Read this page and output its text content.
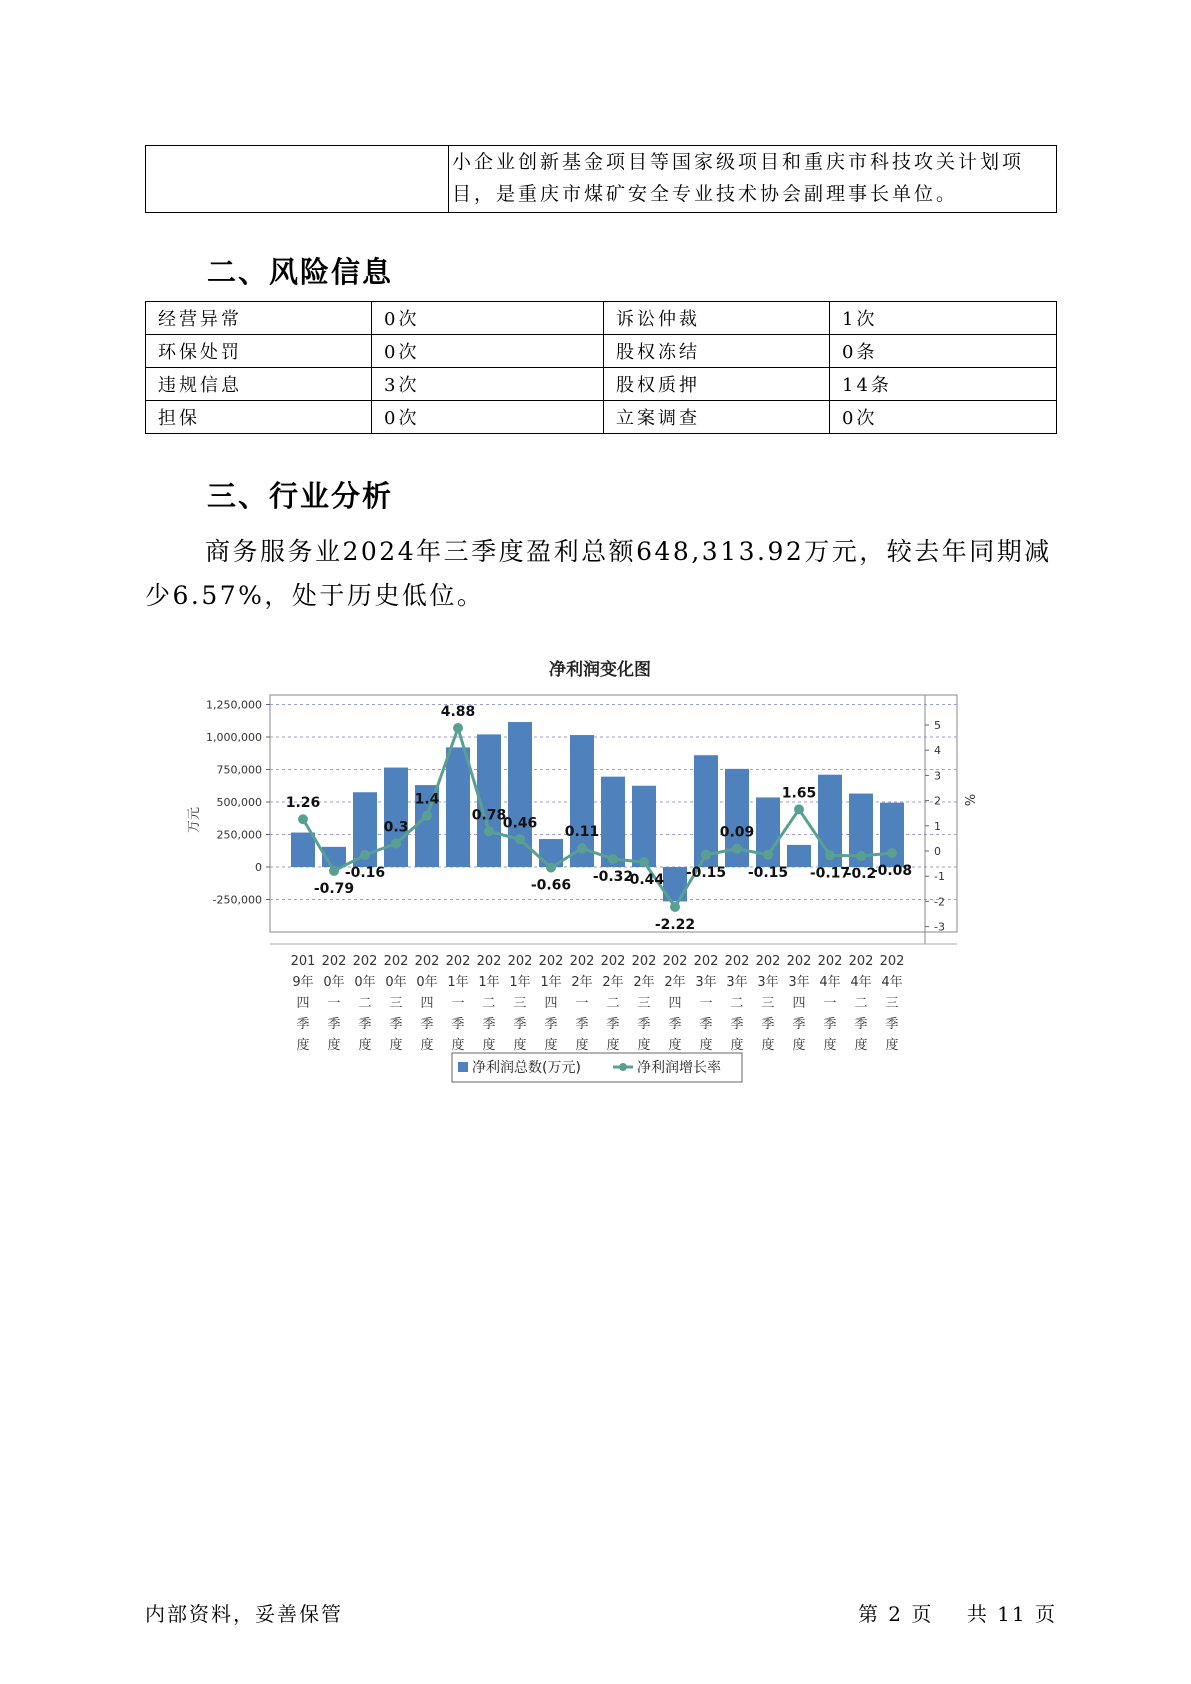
	小企业创新基金项目等国家级项目和重庆市科技攻关计划项目，是重庆市煤矿安全专业技术协会副理事长单位。
二、风险信息
经营异常	0次	诉讼仲裁	1次
环保处罚	0次	股权冻结	0条
违规信息	3次	股权质押	14条
担保	0次	立案调查	0次
三、行业分析
商务服务业2024年三季度盈利总额648,313.92万元，较去年同期减少6.57%，处于历史低位。
净利润变化图
1,250,000
1,000,000
750,000
500,000
250,000
0
-250,000
5
4
3
2
1
0
-1
-2
-3
万元
%
1.26
-0.79
-0.16
0.3
1.4
4.88
0.78
0.46
-0.66
0.11
-0.32
-0.44
-2.22
-0.15
0.09
-0.15
1.65
-0.17
-0.2
-0.08
201 9年四季度
202 0年一季度
202 0年二季度
202 0年三季度
202 0年四季度
202 1年一季度
202 1年二季度
202 1年三季度
202 1年四季度
202 2年一季度
202 2年二季度
202 2年三季度
202 2年四季度
202 3年一季度
202 3年二季度
202 3年三季度
202 3年四季度
202 4年一季度
202 4年二季度
202 4年三季度
净利润总数(万元)	净利润增长率
内部资料，妥善保管	第 2 页    共 11 页
